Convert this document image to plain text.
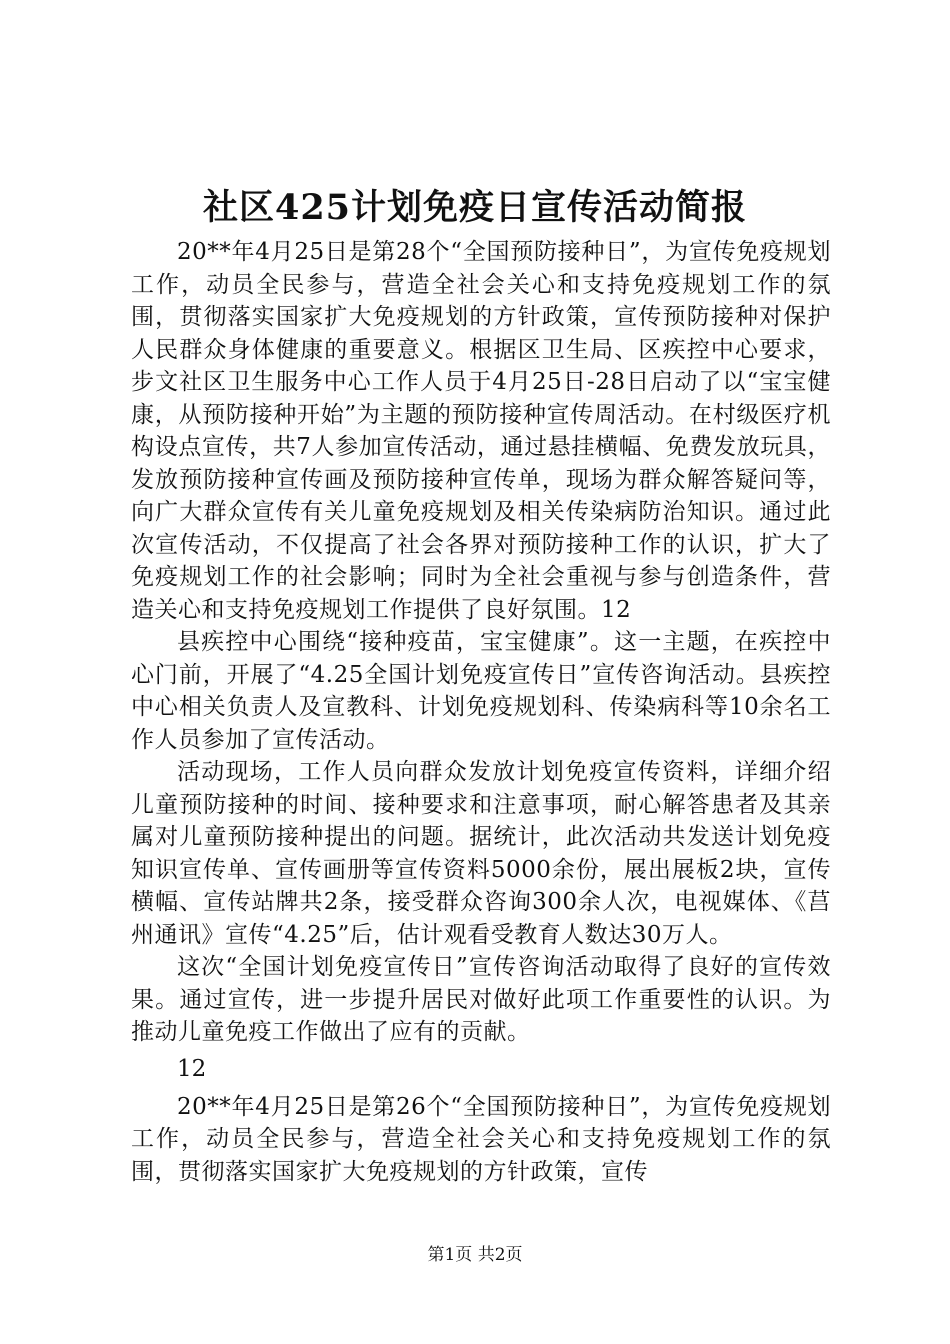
社区425计划免疫日宣传活动简报

20**年4月25日是第28个“全国预防接种日”，为宣传免疫规划工作，动员全民参与，营造全社会关心和支持免疫规划工作的氛围，贯彻落实国家扩大免疫规划的方针政策，宣传预防接种对保护人民群众身体健康的重要意义。根据区卫生局、区疾控中心要求，步文社区卫生服务中心工作人员于4月25日-28日启动了以“宝宝健康，从预防接种开始”为主题的预防接种宣传周活动。在村级医疗机构设点宣传，共7人参加宣传活动，通过悬挂横幅、免费发放玩具，发放预防接种宣传画及预防接种宣传单，现场为群众解答疑问等，向广大群众宣传有关儿童免疫规划及相关传染病防治知识。通过此次宣传活动，不仅提高了社会各界对预防接种工作的认识，扩大了免疫规划工作的社会影响；同时为全社会重视与参与创造条件，营造关心和支持免疫规划工作提供了良好氛围。12

县疾控中心围绕“接种疫苗，宝宝健康”。这一主题，在疾控中心门前，开展了“4.25全国计划免疫宣传日”宣传咨询活动。县疾控中心相关负责人及宣教科、计划免疫规划科、传染病科等10余名工作人员参加了宣传活动。

活动现场，工作人员向群众发放计划免疫宣传资料，详细介绍儿童预防接种的时间、接种要求和注意事项，耐心解答患者及其亲属对儿童预防接种提出的问题。据统计，此次活动共发送计划免疫知识宣传单、宣传画册等宣传资料5000余份，展出展板2块，宣传横幅、宣传站牌共2条，接受群众咨询300余人次，电视媒体、《莒州通讯》宣传“4.25”后，估计观看受教育人数达30万人。

这次“全国计划免疫宣传日”宣传咨询活动取得了良好的宣传效果。通过宣传，进一步提升居民对做好此项工作重要性的认识。为推动儿童免疫工作做出了应有的贡献。

12

20**年4月25日是第26个“全国预防接种日”，为宣传免疫规划工作，动员全民参与，营造全社会关心和支持免疫规划工作的氛围，贯彻落实国家扩大免疫规划的方针政策，宣传

第1页 共2页
